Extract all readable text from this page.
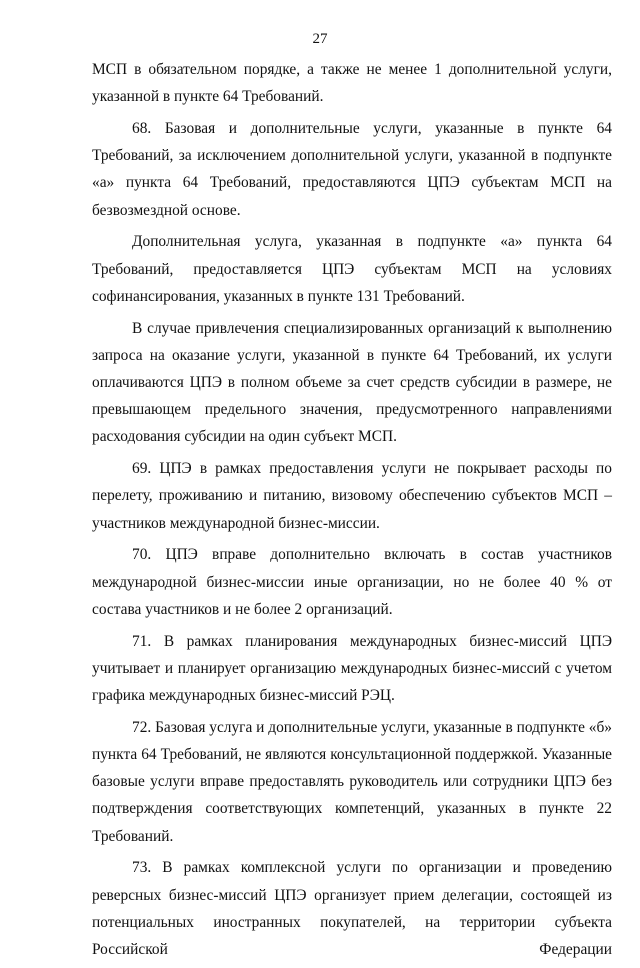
27

МСП в обязательном порядке, а также не менее 1 дополнительной услуги, указанной в пункте 64 Требований.

68. Базовая и дополнительные услуги, указанные в пункте 64 Требований, за исключением дополнительной услуги, указанной в подпункте «а» пункта 64 Требований, предоставляются ЦПЭ субъектам МСП на безвозмездной основе.

Дополнительная услуга, указанная в подпункте «а» пункта 64 Требований, предоставляется ЦПЭ субъектам МСП на условиях софинансирования, указанных в пункте 131 Требований.

В случае привлечения специализированных организаций к выполнению запроса на оказание услуги, указанной в пункте 64 Требований, их услуги оплачиваются ЦПЭ в полном объеме за счет средств субсидии в размере, не превышающем предельного значения, предусмотренного направлениями расходования субсидии на один субъект МСП.

69. ЦПЭ в рамках предоставления услуги не покрывает расходы по перелету, проживанию и питанию, визовому обеспечению субъектов МСП – участников международной бизнес-миссии.

70. ЦПЭ вправе дополнительно включать в состав участников международной бизнес-миссии иные организации, но не более 40 % от состава участников и не более 2 организаций.

71. В рамках планирования международных бизнес-миссий ЦПЭ учитывает и планирует организацию международных бизнес-миссий с учетом графика международных бизнес-миссий РЭЦ.

72. Базовая услуга и дополнительные услуги, указанные в подпункте «б» пункта 64 Требований, не являются консультационной поддержкой. Указанные базовые услуги вправе предоставлять руководитель или сотрудники ЦПЭ без подтверждения соответствующих компетенций, указанных в пункте 22 Требований.

73. В рамках комплексной услуги по организации и проведению реверсных бизнес-миссий ЦПЭ организует прием делегации, состоящей из потенциальных иностранных покупателей, на территории субъекта Российской Федерации
